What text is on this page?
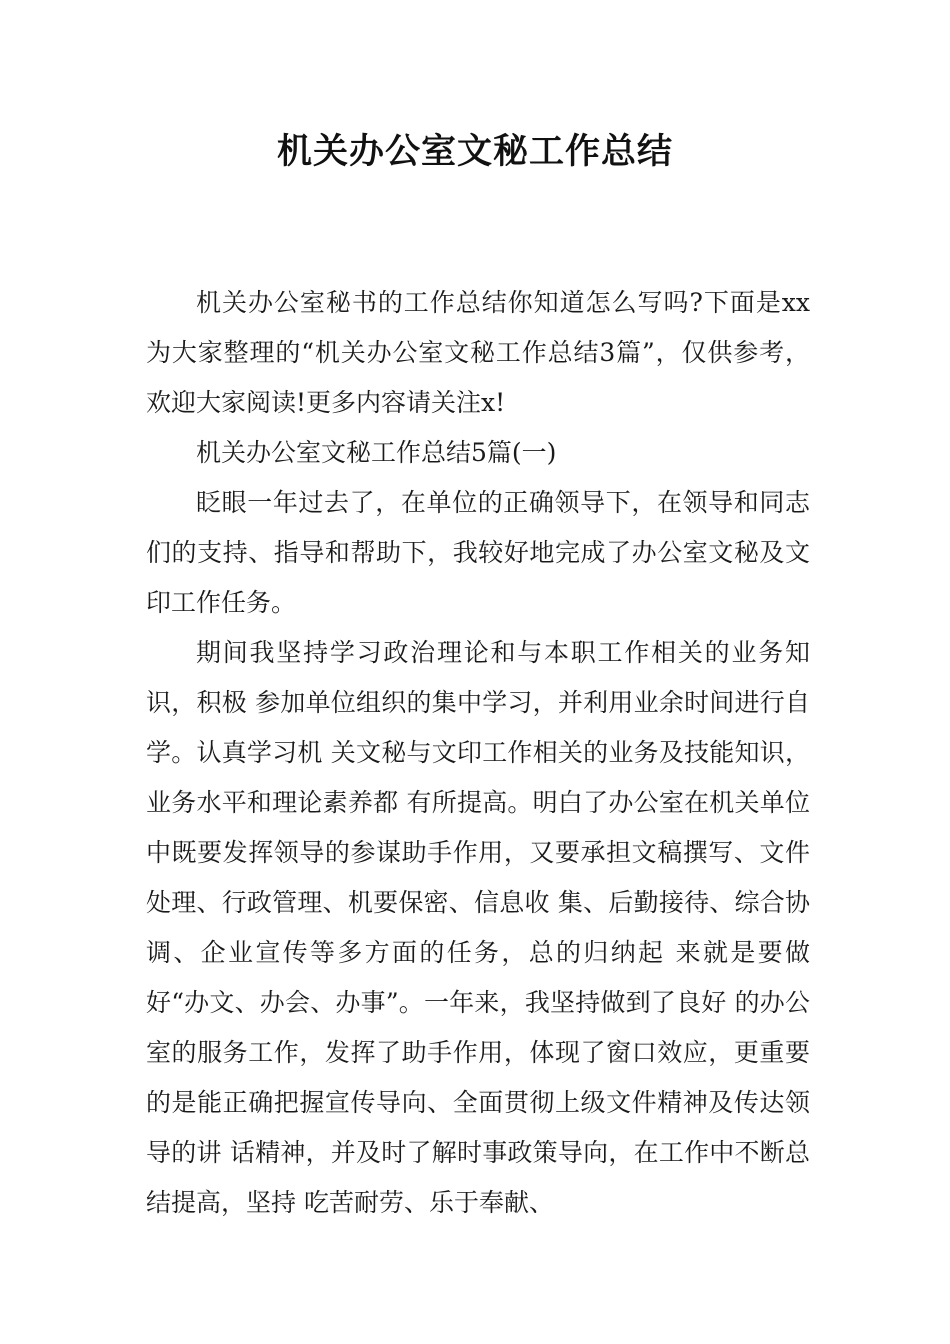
机关办公室文秘工作总结

机关办公室秘书的工作总结你知道怎么写吗?下面是xx为大家整理的“机关办公室文秘工作总结3篇”，仅供参考，欢迎大家阅读!更多内容请关注x!

机关办公室文秘工作总结5篇(一)

眨眼一年过去了，在单位的正确领导下，在领导和同志们的支持、指导和帮助下，我较好地完成了办公室文秘及文印工作任务。

期间我坚持学习政治理论和与本职工作相关的业务知识，积极 参加单位组织的集中学习，并利用业余时间进行自学。认真学习机 关文秘与文印工作相关的业务及技能知识，业务水平和理论素养都 有所提高。明白了办公室在机关单位中既要发挥领导的参谋助手作用，又要承担文稿撰写、文件处理、行政管理、机要保密、信息收 集、后勤接待、综合协调、企业宣传等多方面的任务，总的归纳起 来就是要做好“办文、办会、办事”。一年来，我坚持做到了良好 的办公室的服务工作，发挥了助手作用，体现了窗口效应，更重要 的是能正确把握宣传导向、全面贯彻上级文件精神及传达领导的讲 话精神，并及时了解时事政策导向，在工作中不断总结提高，坚持 吃苦耐劳、乐于奉献、
